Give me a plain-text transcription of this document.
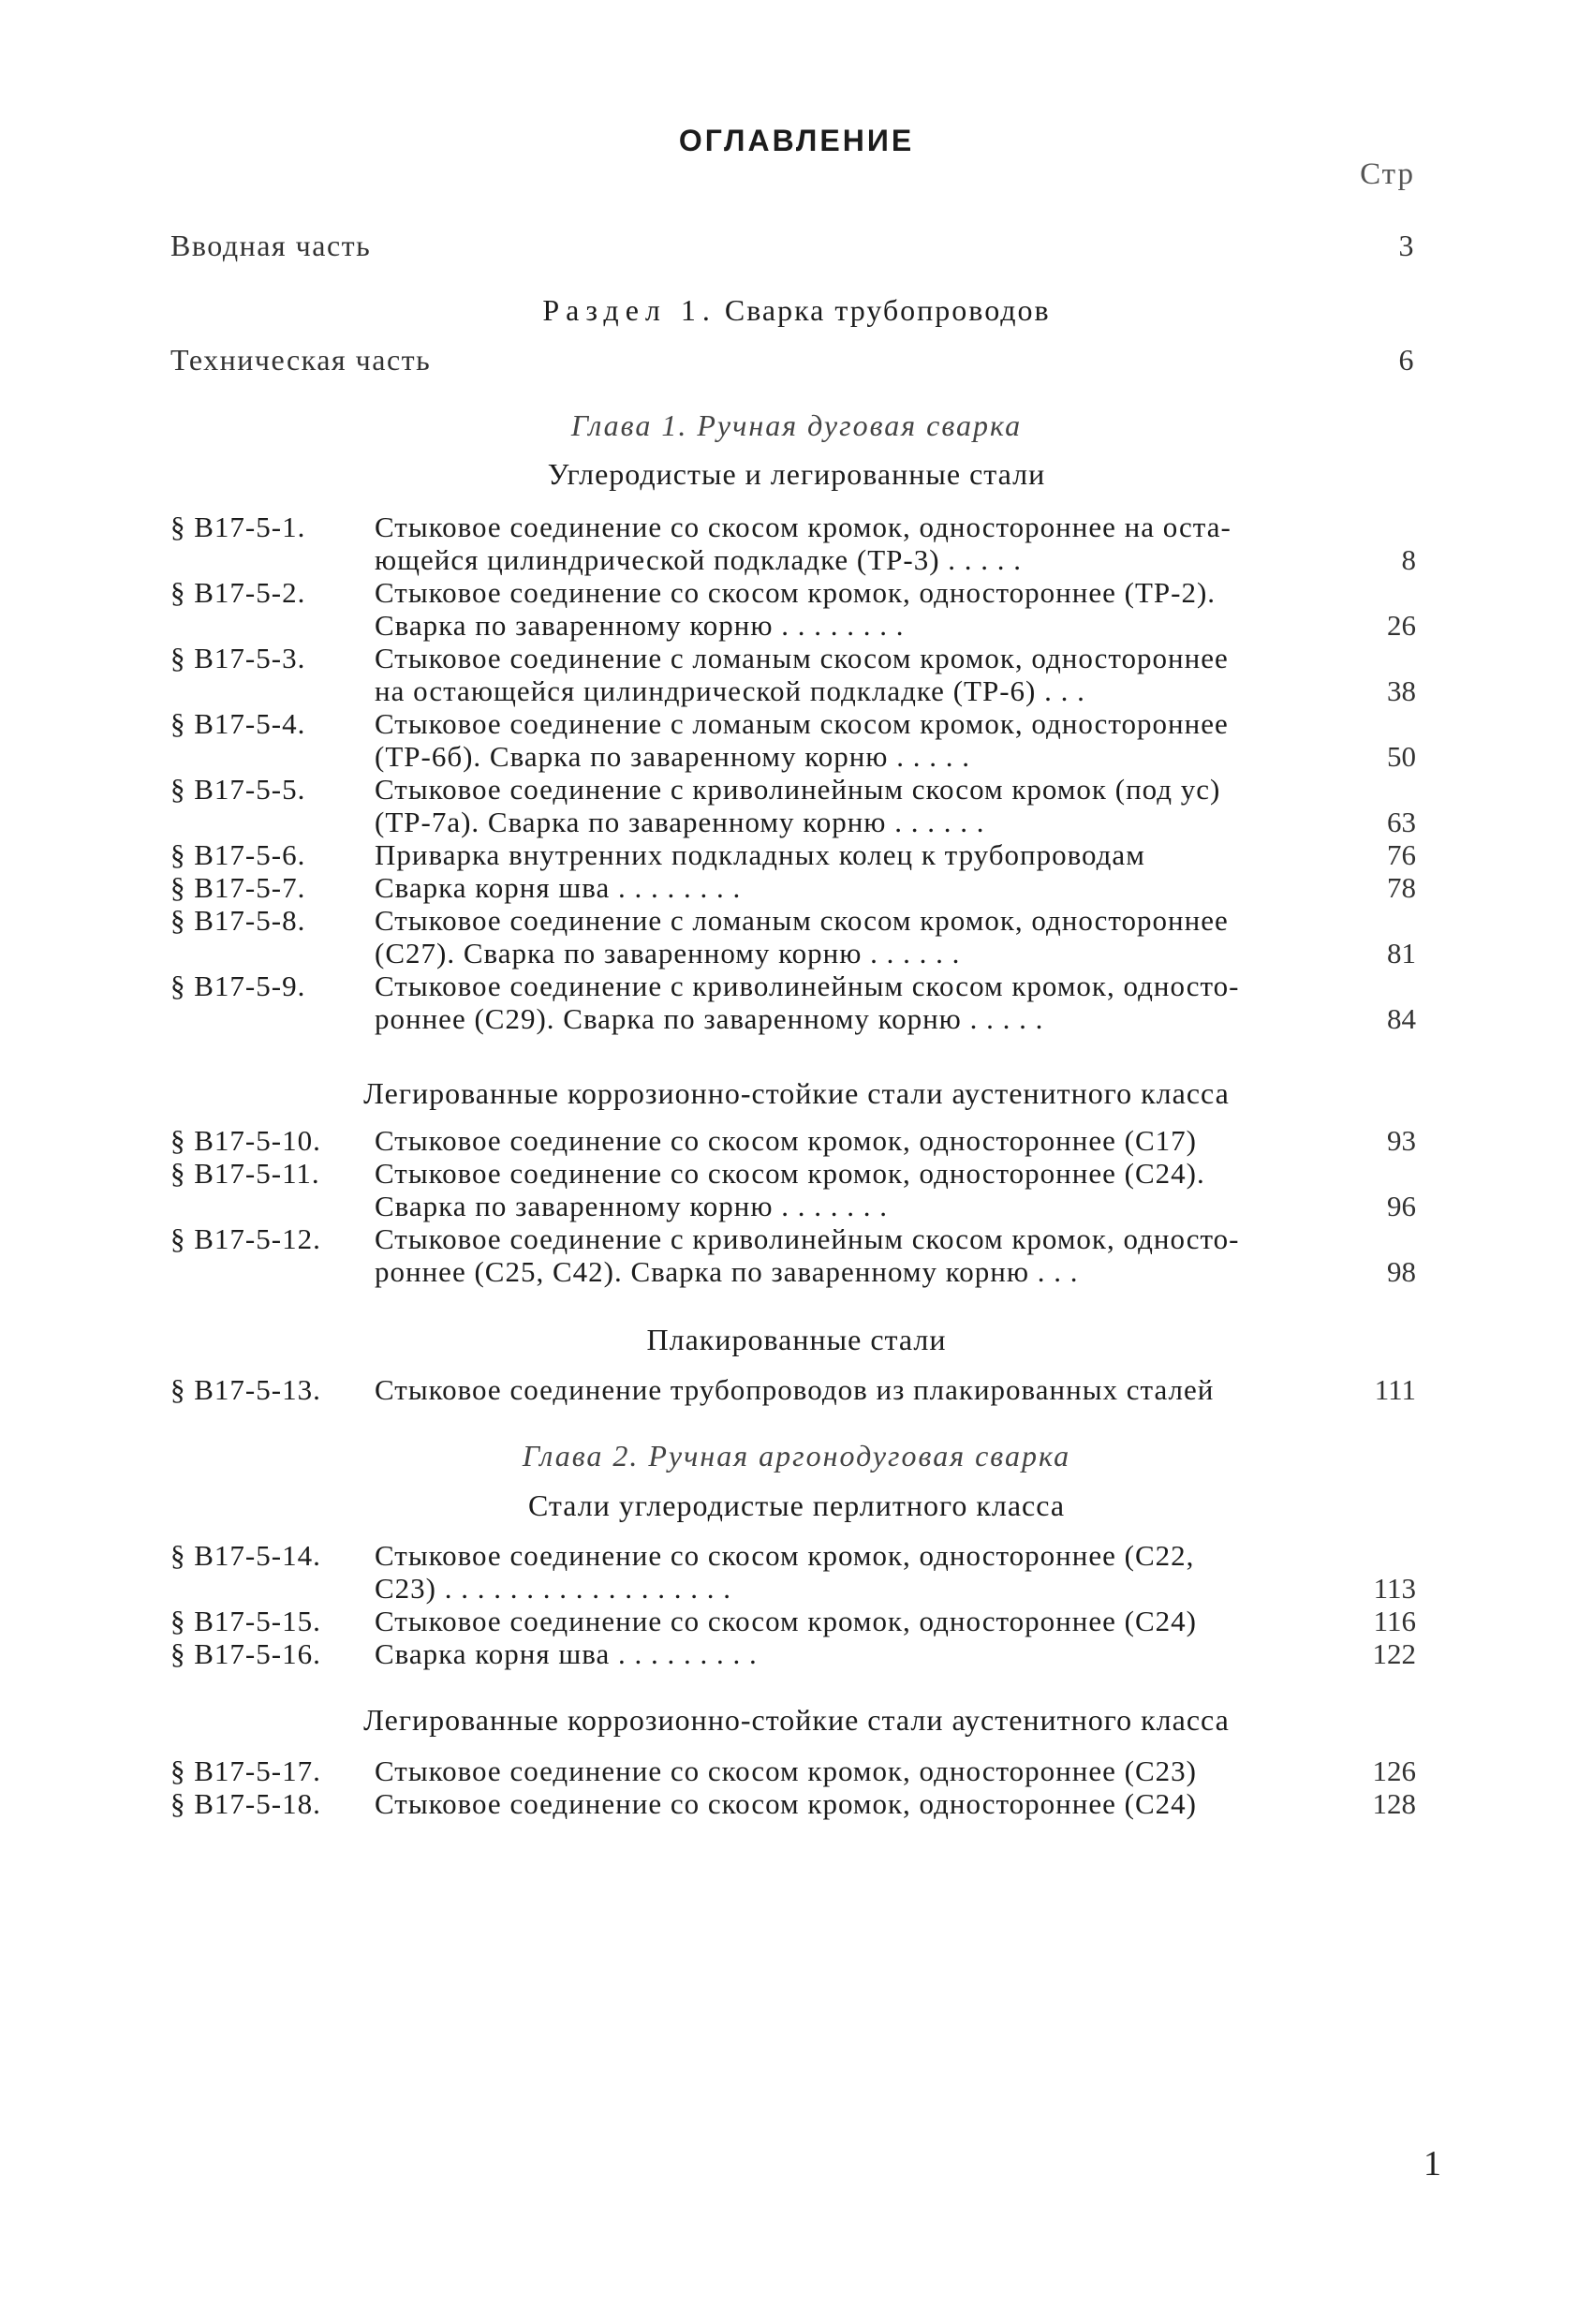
ОГЛАВЛЕНИЕ
Стр
Вводная часть	3
Раздел 1. Сварка трубопроводов
Техническая часть	6
Глава 1. Ручная дуговая сварка
Углеродистые и легированные стали
§ В17-5-1.	Стыковое соединение со скосом кромок, одностороннее на оста-
ющейся цилиндрической подкладке (ТР-3) . . . . .	8
§ В17-5-2.	Стыковое соединение со скосом кромок, одностороннее (ТР-2).
Сварка по заваренному корню . . . . . . . .	26
§ В17-5-3.	Стыковое соединение с ломаным скосом кромок, одностороннее
на остающейся цилиндрической подкладке (ТР-6) . . .	38
§ В17-5-4.	Стыковое соединение с ломаным скосом кромок, одностороннее
(ТР-6б). Сварка по заваренному корню . . . . .	50
§ В17-5-5.	Стыковое соединение с криволинейным скосом кромок (под ус)
(ТР-7а). Сварка по заваренному корню . . . . . .	63
§ В17-5-6.	Приварка внутренних подкладных колец к трубопроводам	76
§ В17-5-7.	Сварка корня шва . . . . . . . .	78
§ В17-5-8.	Стыковое соединение с ломаным скосом кромок, одностороннее
(С27). Сварка по заваренному корню . . . . . .	81
§ В17-5-9.	Стыковое соединение с криволинейным скосом кромок, односто-
роннее (С29). Сварка по заваренному корню . . . . .	84
Легированные коррозионно-стойкие стали аустенитного класса
§ В17-5-10.	Стыковое соединение со скосом кромок, одностороннее (С17)	93
§ В17-5-11.	Стыковое соединение со скосом кромок, одностороннее (С24).
Сварка по заваренному корню . . . . . . .	96
§ В17-5-12.	Стыковое соединение с криволинейным скосом кромок, односто-
роннее (С25, С42). Сварка по заваренному корню . . .	98
Плакированные стали
§ В17-5-13.	Стыковое соединение трубопроводов из плакированных сталей	111
Глава 2. Ручная аргонодуговая сварка
Стали углеродистые перлитного класса
§ В17-5-14.	Стыковое соединение со скосом кромок, одностороннее (С22,
С23) . . . . . . . . . . . . . . . . . .	113
§ В17-5-15.	Стыковое соединение со скосом кромок, одностороннее (С24)	116
§ В17-5-16.	Сварка корня шва . . . . . . . . .	122
Легированные коррозионно-стойкие стали аустенитного класса
§ В17-5-17.	Стыковое соединение со скосом кромок, одностороннее (С23)	126
§ В17-5-18.	Стыковое соединение со скосом кромок, одностороннее (С24)	128
1
